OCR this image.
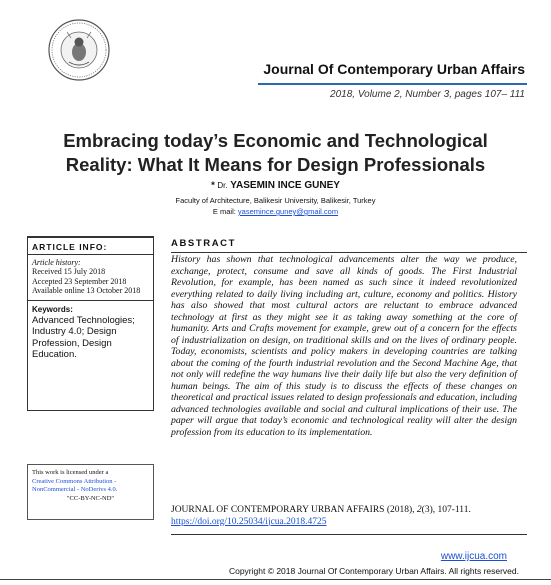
Journal Of Contemporary Urban Affairs
2018, Volume 2, Number 3, pages 107– 111
Embracing today’s Economic and Technological
Reality: What It Means for Design Professionals
* Dr. YASEMIN INCE GUNEY
Faculty of Architecture, Balikesir University, Balikesir, Turkey
E mail: yasemince.guney@gmail.com
ARTICLE INFO:
Article history:
Received 15 July 2018
Accepted 23 September 2018
Available online 13 October 2018
Keywords:
Advanced Technologies; Industry 4.0; Design Profession, Design Education.
This work is licensed under a
Creative Commons Attribution - NonCommercial - NoDerivs 4.0.
"CC-BY-NC-ND"
ABSTRACT
History has shown that technological advancements alter the way we produce, exchange, protect, consume and save all kinds of goods. The First Industrial Revolution, for example, has been named as such since it indeed revolutionized everything related to daily living including art, culture, economy and politics. History has also showed that most cultural actors are reluctant to embrace advanced technology at first as they might see it as taking away something at the core of humanity. Arts and Crafts movement for example, grew out of a concern for the effects of industrialization on design, on traditional skills and on the lives of ordinary people. Today, economists, scientists and policy makers in developing countries are talking about the coming of the fourth industrial revolution and the Second Machine Age, that not only will redefine the way humans live their daily life but also the very definition of human beings. The aim of this study is to discuss the effects of these changes on theoretical and practical issues related to design professionals and education, including advanced technologies available and social and cultural implications of their use. The paper will argue that today’s economic and technological reality will alter the design profession from its education to its implementation.
JOURNAL OF CONTEMPORARY URBAN AFFAIRS (2018), 2(3), 107-111.
https://doi.org/10.25034/ijcua.2018.4725
www.ijcua.com
Copyright © 2018 Journal Of Contemporary Urban Affairs. All rights reserved.
